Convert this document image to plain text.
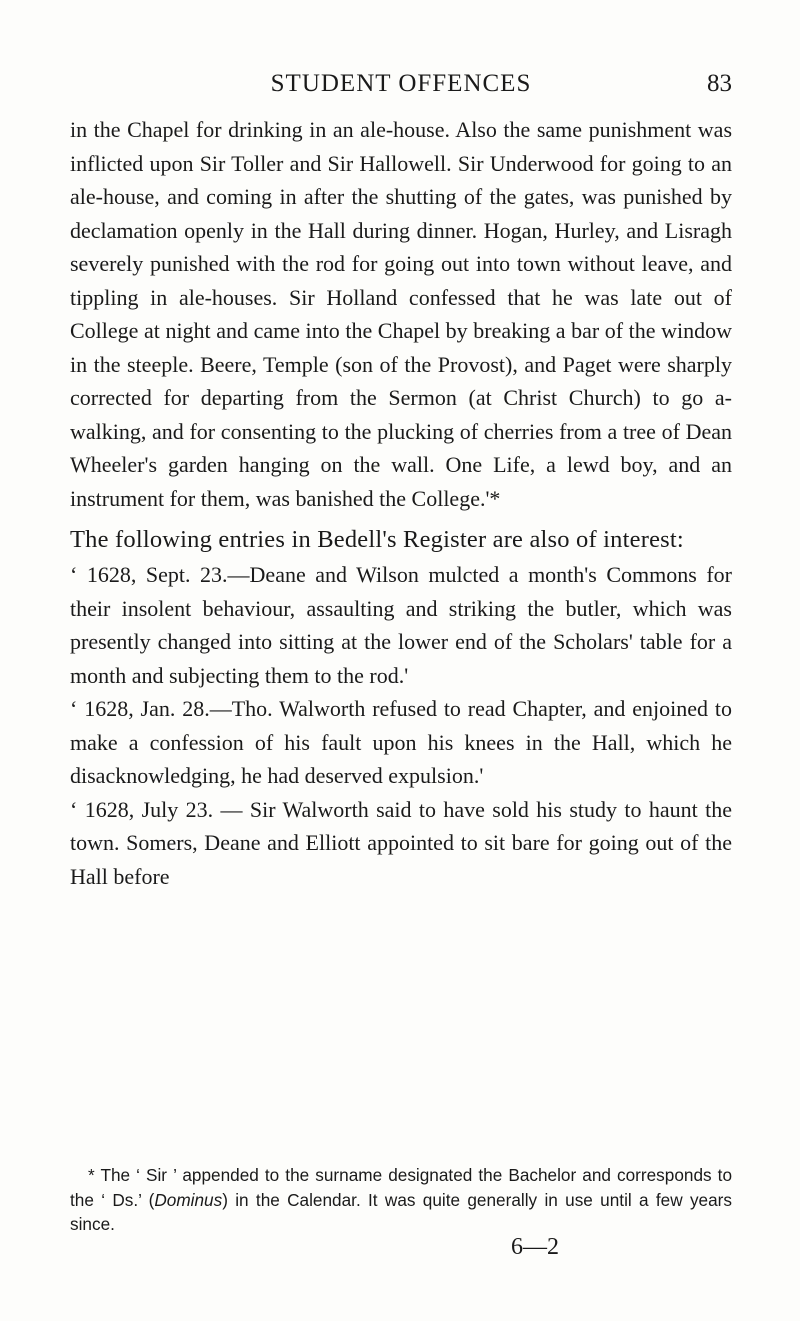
STUDENT OFFENCES	83

in the Chapel for drinking in an ale-house. Also the same punishment was inflicted upon Sir Toller and Sir Hallowell. Sir Underwood for going to an ale-house, and coming in after the shutting of the gates, was punished by declamation openly in the Hall during dinner. Hogan, Hurley, and Lisragh severely punished with the rod for going out into town without leave, and tippling in ale-houses. Sir Holland confessed that he was late out of College at night and came into the Chapel by breaking a bar of the window in the steeple. Beere, Temple (son of the Provost), and Paget were sharply corrected for departing from the Sermon (at Christ Church) to go a-walking, and for consenting to the plucking of cherries from a tree of Dean Wheeler's garden hanging on the wall. One Life, a lewd boy, and an instrument for them, was banished the College.'*

The following entries in Bedell's Register are also of interest:

‘ 1628, Sept. 23.—Deane and Wilson mulcted a month's Commons for their insolent behaviour, assaulting and striking the butler, which was presently changed into sitting at the lower end of the Scholars' table for a month and subjecting them to the rod.'

‘ 1628, Jan. 28.—Tho. Walworth refused to read Chapter, and enjoined to make a confession of his fault upon his knees in the Hall, which he disacknowledging, he had deserved expulsion.'

‘ 1628, July 23. — Sir Walworth said to have sold his study to haunt the town. Somers, Deane and Elliott appointed to sit bare for going out of the Hall before

* The ‘ Sir ’ appended to the surname designated the Bachelor and corresponds to the ‘ Ds.’ (Dominus) in the Calendar. It was quite generally in use until a few years since.

6—2
